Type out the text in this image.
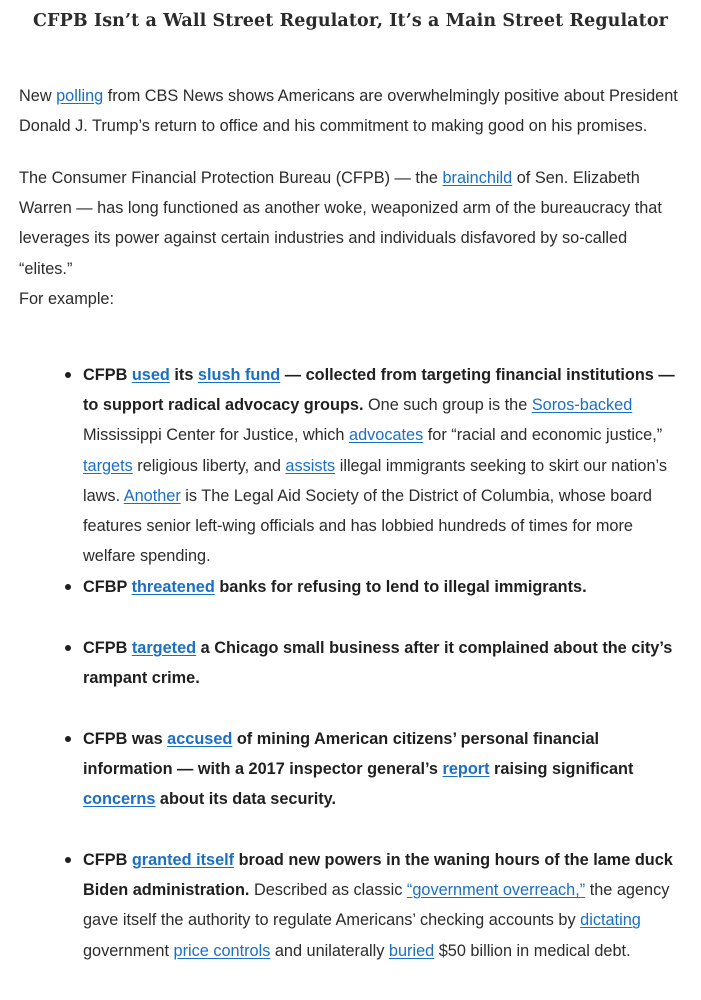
CFPB Isn’t a Wall Street Regulator, It’s a Main Street Regulator

New polling from CBS News shows Americans are overwhelmingly positive about President Donald J. Trump’s return to office and his commitment to making good on his promises.

The Consumer Financial Protection Bureau (CFPB) — the brainchild of Sen. Elizabeth Warren — has long functioned as another woke, weaponized arm of the bureaucracy that leverages its power against certain industries and individuals disfavored by so-called “elites.”

For example:

CFPB used its slush fund — collected from targeting financial institutions — to support radical advocacy groups. One such group is the Soros-backed Mississippi Center for Justice, which advocates for “racial and economic justice,” targets religious liberty, and assists illegal immigrants seeking to skirt our nation’s laws. Another is The Legal Aid Society of the District of Columbia, whose board features senior left-wing officials and has lobbied hundreds of times for more welfare spending.
CFBP threatened banks for refusing to lend to illegal immigrants.
CFPB targeted a Chicago small business after it complained about the city’s rampant crime.
CFPB was accused of mining American citizens’ personal financial information — with a 2017 inspector general’s report raising significant concerns about its data security.
CFPB granted itself broad new powers in the waning hours of the lame duck Biden administration. Described as classic “government overreach,” the agency gave itself the authority to regulate Americans’ checking accounts by dictating government price controls and unilaterally buried $50 billion in medical debt.
